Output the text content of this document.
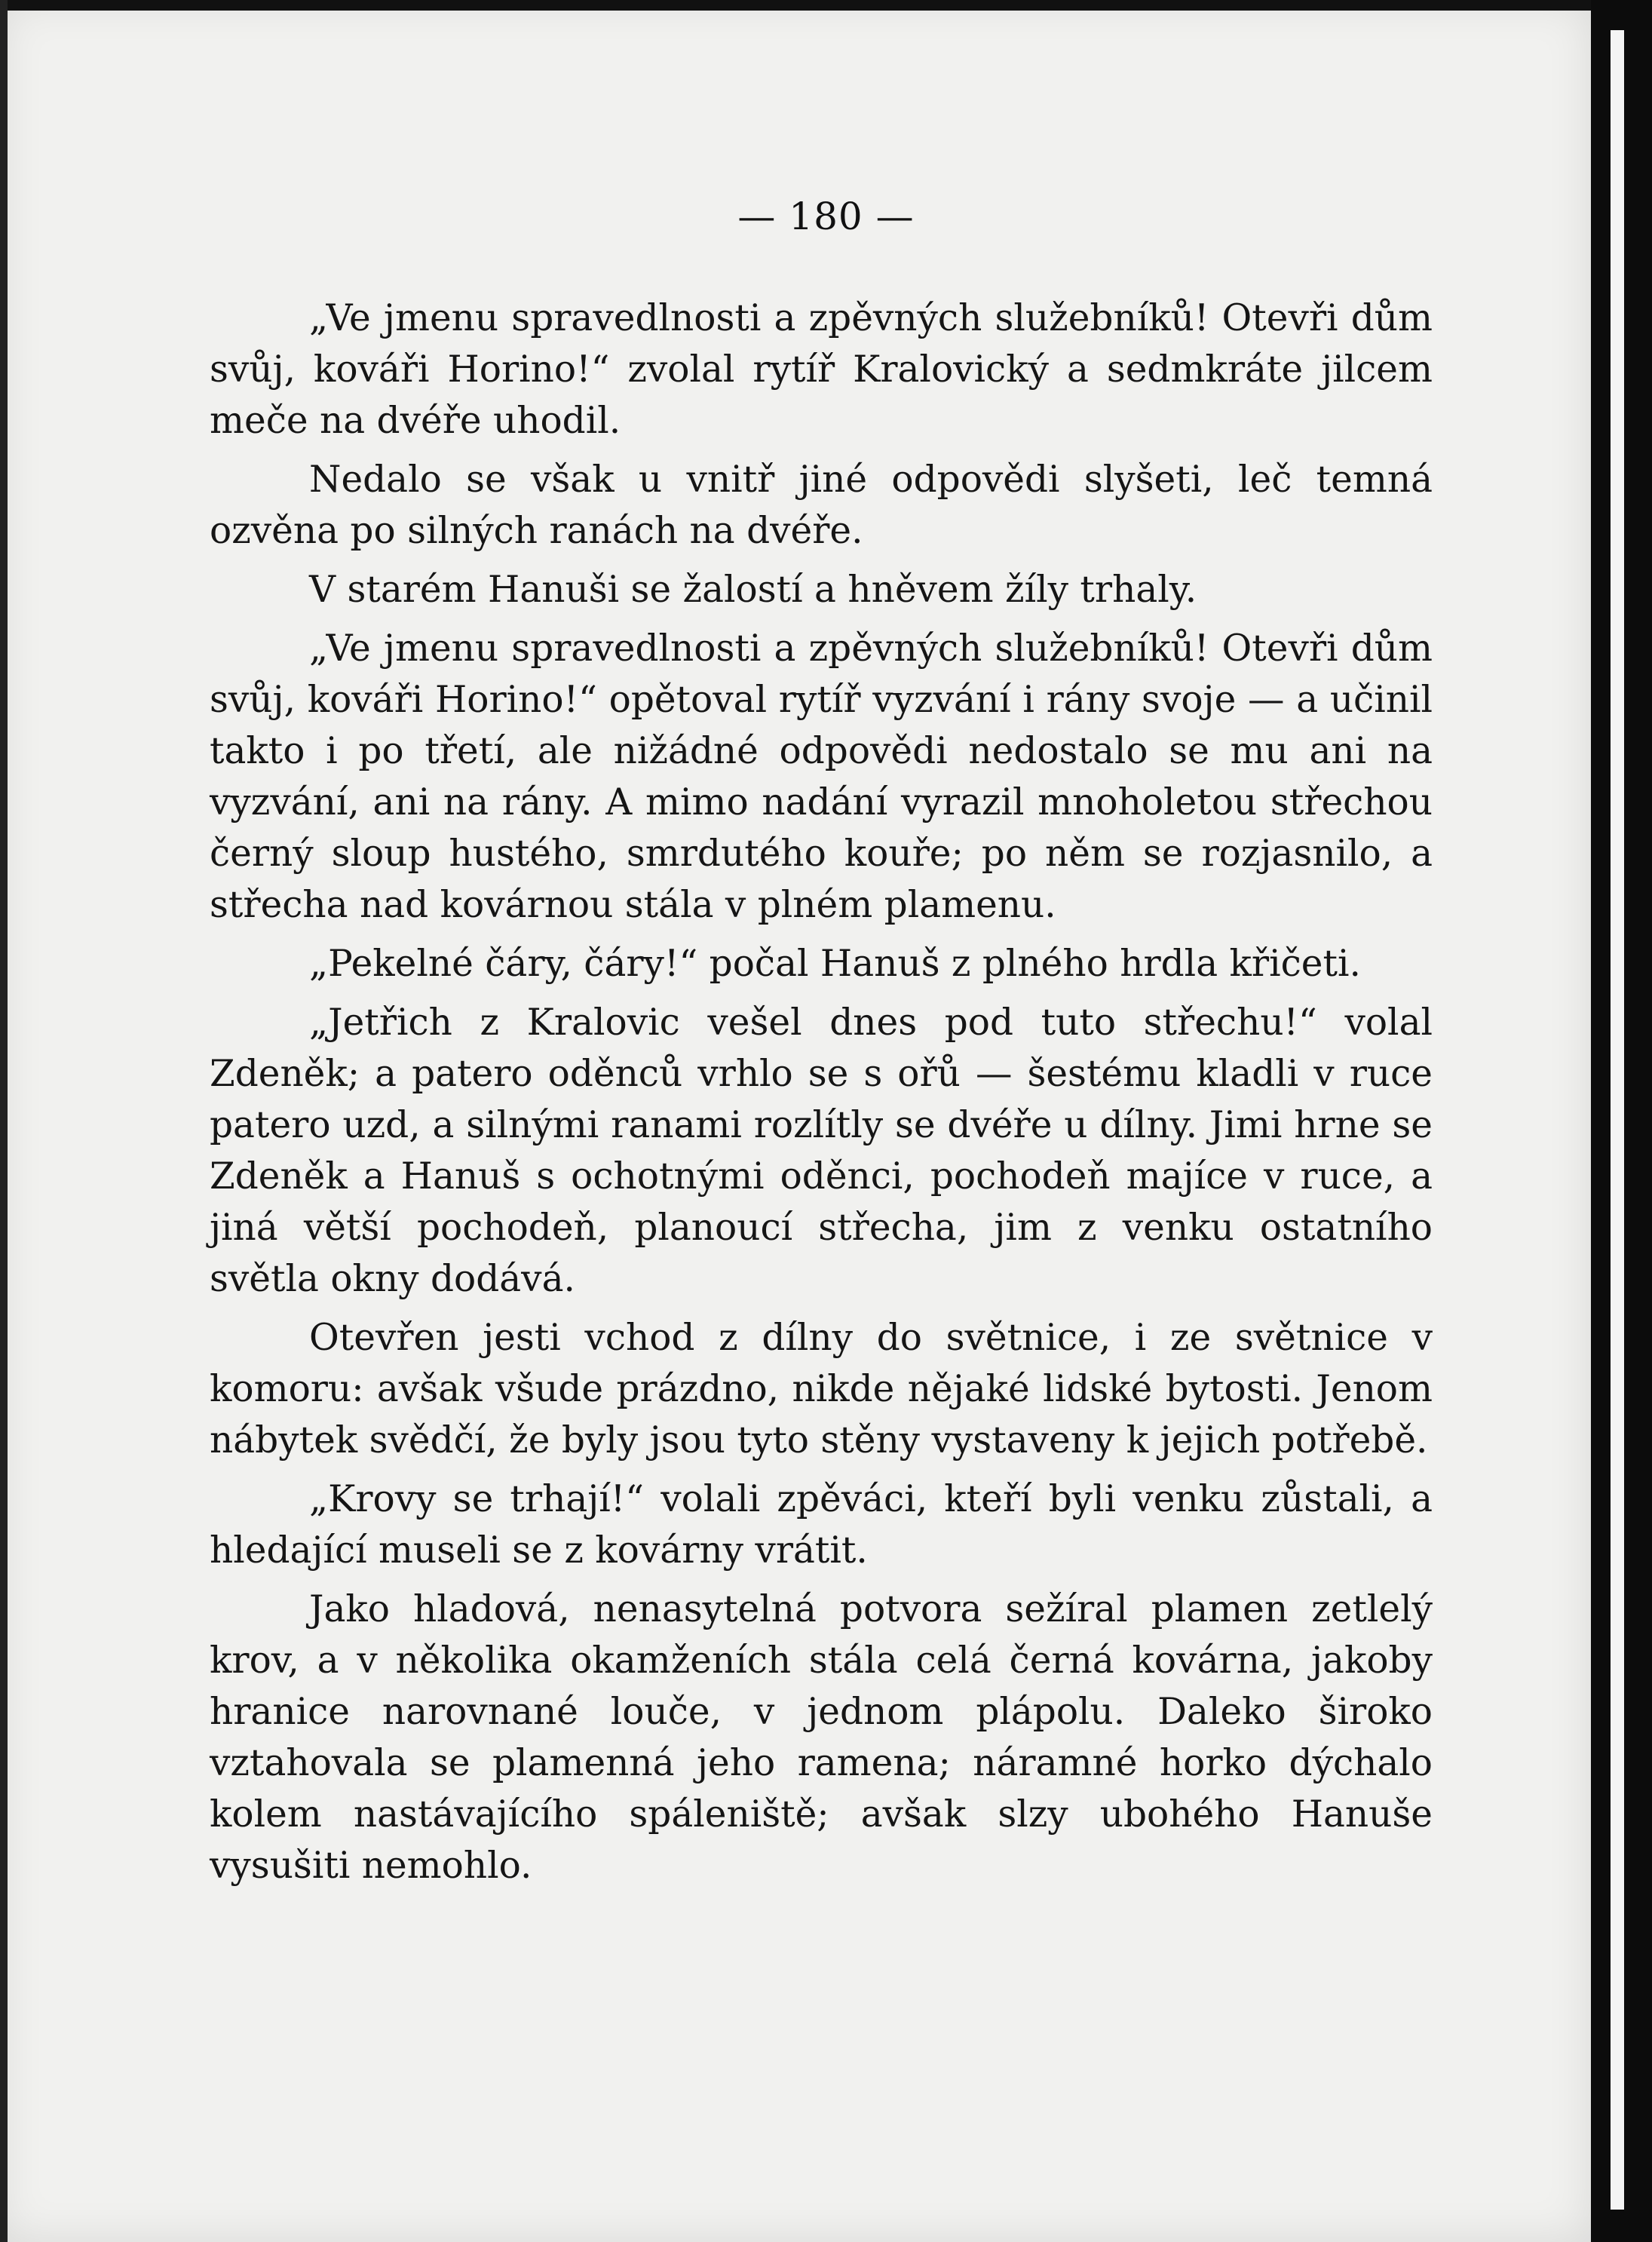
— 180 —

„Ve jmenu spravedlnosti a zpěvných služebníků! Otevři dům svůj, kováři Horino!“ zvolal rytíř Kralovický a sedmkráte jilcem meče na dvéře uhodil.

Nedalo se však u vnitř jiné odpovědi slyšeti, leč temná ozvěna po silných ranách na dvéře.

V starém Hanuši se žalostí a hněvem žíly trhaly.

„Ve jmenu spravedlnosti a zpěvných služebníků! Otevři dům svůj, kováři Horino!“ opětoval rytíř vyzvání i rány svoje — a učinil takto i po třetí, ale nižádné odpovědi nedostalo se mu ani na vyzvání, ani na rány. A mimo nadání vyrazil mnoholetou střechou černý sloup hustého, smrdutého kouře; po něm se rozjasnilo, a střecha nad kovárnou stála v plném plamenu.

„Pekelné čáry, čáry!“ počal Hanuš z plného hrdla křičeti.

„Jetřich z Kralovic vešel dnes pod tuto střechu!“ volal Zdeněk; a patero oděnců vrhlo se s ořů — šestému kladli v ruce patero uzd, a silnými ranami rozlítly se dvéře u dílny. Jimi hrne se Zdeněk a Hanuš s ochotnými oděnci, pochodeň majíce v ruce, a jiná větší pochodeň, planoucí střecha, jim z venku ostatního světla okny dodává.

Otevřen jesti vchod z dílny do světnice, i ze světnice v komoru: avšak všude prázdno, nikde nějaké lidské bytosti. Jenom nábytek svědčí, že byly jsou tyto stěny vystaveny k jejich potřebě.

„Krovy se trhají!“ volali zpěváci, kteří byli venku zůstali, a hledající museli se z kovárny vrátit.

Jako hladová, nenasytelná potvora sežíral plamen zetlelý krov, a v několika okamženích stála celá černá kovárna, jakoby hranice narovnané louče, v jednom plápolu. Daleko široko vztahovala se plamenná jeho ramena; náramné horko dýchalo kolem nastávajícího spáleniště; avšak slzy ubohého Hanuše vysušiti nemohlo.
